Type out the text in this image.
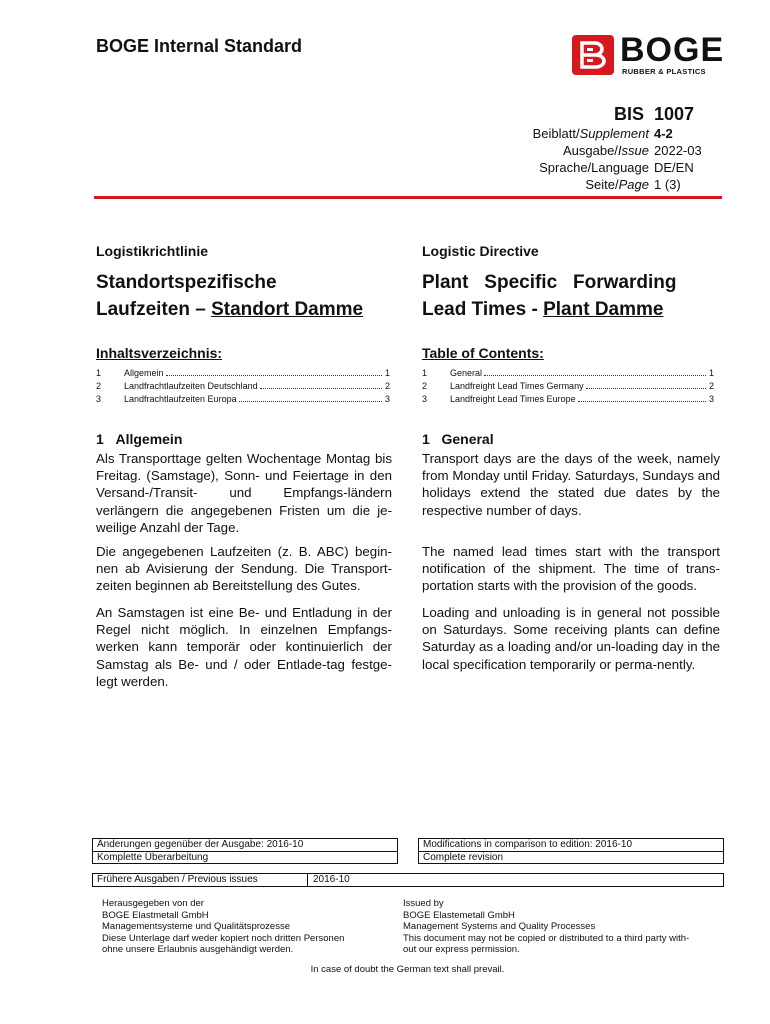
BOGE Internal Standard	BOGE
RUBBER & PLASTICS
BIS 1007
Beiblatt/Supplement 4-2
Ausgabe/Issue 2022-03
Sprache/Language DE/EN
Seite/Page 1 (3)
Logistikrichtlinie	Logistic Directive
Standortspezifische
Laufzeiten – Standort Damme
Plant   Specific   Forwarding
Lead Times - Plant Damme
Inhaltsverzeichnis:	Table of Contents:
1	Allgemein	1
2	Landfrachtlaufzeiten Deutschland	2
3	Landfrachtlaufzeiten Europa	3
1	General	1
2	Landfreight Lead Times Germany	2
3	Landfreight Lead Times Europe	3
1 Allgemein	1 General
Als Transporttage gelten Wochentage Montag bis Freitag. (Samstage), Sonn- und Feiertage in den Versand-/Transit- und Empfangs-ländern verlängern die angegebenen Fristen um die je-weilige Anzahl der Tage.
Die angegebenen Laufzeiten (z. B. ABC) begin-nen ab Avisierung der Sendung. Die Transport-zeiten beginnen ab Bereitstellung des Gutes.
An Samstagen ist eine Be- und Entladung in der Regel nicht möglich. In einzelnen Empfangs-werken kann temporär oder kontinuierlich der Samstag als Be- und / oder Entlade-tag festge-legt werden.
Transport days are the days of the week, namely from Monday until Friday. Saturdays, Sundays and holidays extend the stated due dates by the respective number of days.
The named lead times start with the transport notification of the shipment. The time of trans-portation starts with the provision of the goods.
Loading and unloading is in general not possible on Saturdays. Some receiving plants can define Saturday as a loading and/or un-loading day in the local specification temporarily or perma-nently.
Änderungen gegenüber der Ausgabe: 2016-10
Komplette Überarbeitung
Modifications in comparison to edition: 2016-10
Complete revision
Frühere Ausgaben / Previous issues	2016-10
Herausgegeben von der
BOGE Elastmetall GmbH
Managementsysteme und Qualitätsprozesse
Diese Unterlage darf weder kopiert noch dritten Personen
ohne unsere Erlaubnis ausgehändigt werden.
Issued by
BOGE Elastemetall GmbH
Management Systems and Quality Processes
This document may not be copied or distributed to a third party with-
out our express permission.
In case of doubt the German text shall prevail.
